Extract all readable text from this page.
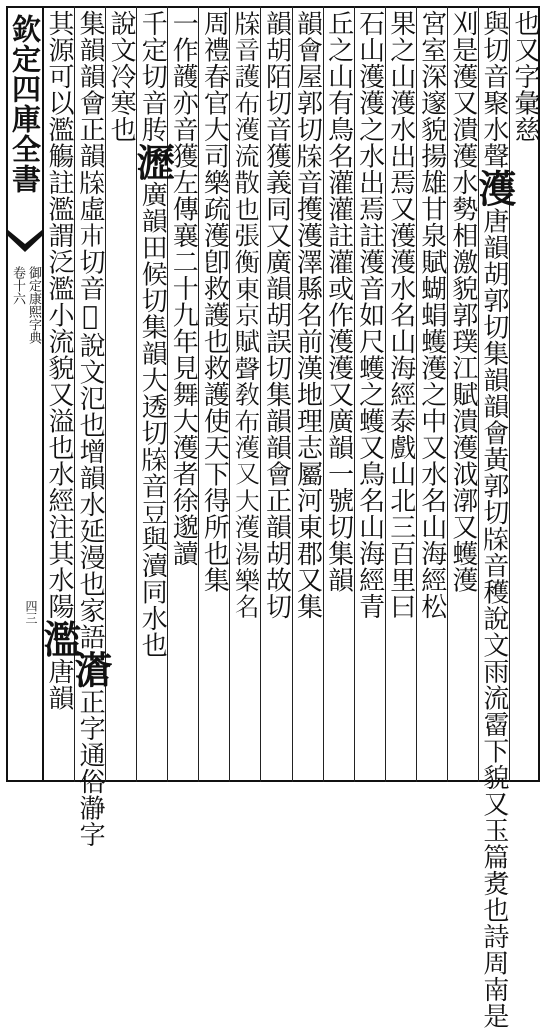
欽定四庫全書
御定康熙字典
卷十六
四三
也又字彙慈
與切音聚水聲濩唐韻胡郭切集韻韻會黃郭切𤗊音穫說文雨流霤下貌又玉篇煑也詩周南是
刈是濩又潰濩水勢相激貌郭璞江賦潰濩泧漷又蠖濩
宮室深邃貌揚雄甘泉賦蝴蜎蠖濩之中又水名山海經松
果之山濩水出焉又濩濩水名山海經泰戲山北三百里曰
石山濩濩之水出焉註濩音如尺蠖之蠖又鳥名山海經青
丘之山有鳥名灌灌註灌或作濩濩又廣韻一號切集韻
韻會屋郭切𤗊音擭濩澤縣名前漢地理志屬河東郡又集
韻胡陌切音獲義同又廣韻胡誤切集韻韻會正韻胡故切
𤗊音護布濩流散也張衡東京賦聲教布濩又大濩湯樂名
周禮春官大司樂疏濩卽救護也救護使天下得所也集
一作頀亦音獲左傳襄二十九年見舞大濩者徐邈讀
千定切音䏝瀝廣韻田候切集韻大透切𤗊音豆與瀆同水也
說文冷寒也
集韻韻會正韻𤗊虛𠥽切音𤶾說文氾也增韻水延漫也家語濸正字通俗瀞字
其源可以濫觴註濫謂泛濫小流貌又溢也水經注其水陽濫唐韻
